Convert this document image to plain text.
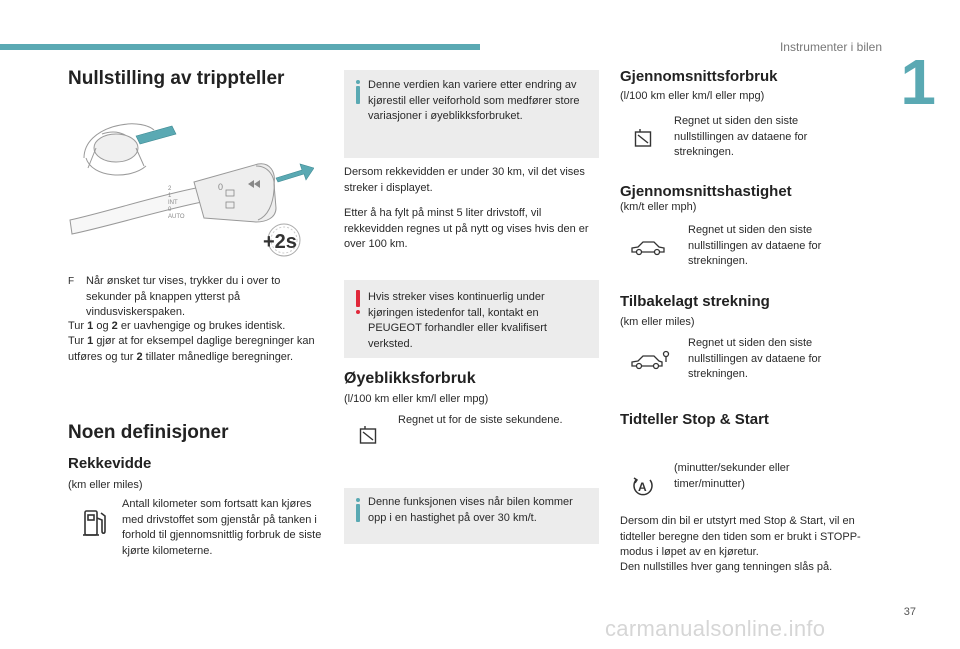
Instrumenter i bilen 1
Nullstilling av trippteller
2
1
INT
0
AUTO
0
+2s

F Når ønsket tur vises, trykker du i over to sekunder på knappen ytterst på vindusviskerspaken.

Tur 1 og 2 er uavhengige og brukes identisk.

Tur 1 gjør at for eksempel daglige beregninger kan utføres og tur 2 tillater månedlige beregninger.

Noen definisjoner
Rekkevidde

(km eller miles)

Antall kilometer som fortsatt kan kjøres med drivstoffet som gjenstår på tanken i forhold til gjennomsnittlig forbruk de siste kjørte kilometerne.

Denne verdien kan variere etter endring av kjørestil eller veiforhold som medfører store variasjoner i øyeblikksforbruket.

Dersom rekkevidden er under 30 km, vil det vises streker i displayet.

Etter å ha fylt på minst 5 liter drivstoff, vil rekkevidden regnes ut på nytt og vises hvis den er over 100 km.

Hvis streker vises kontinuerlig under kjøringen istedenfor tall, kontakt en PEUGEOT forhandler eller kvalifisert verksted.
Øyeblikksforbruk

(l/100 km eller km/l eller mpg)

Regnet ut for de siste sekundene.

Denne funksjonen vises når bilen kommer opp i en hastighet på over 30 km/t.
Gjennomsnittsforbruk

(l/100 km eller km/l eller mpg)

Regnet ut siden den siste nullstillingen av dataene for strekningen.

Gjennomsnittshastighet

(km/t eller mph)

Regnet ut siden den siste nullstillingen av dataene for strekningen.

Tilbakelagt strekning

(km eller miles)

Regnet ut siden den siste nullstillingen av dataene for strekningen.

Tidteller Stop & Start
A

(minutter/sekunder eller timer/minutter)

Dersom din bil er utstyrt med Stop & Start, vil en tidteller beregne den tiden som er brukt i STOPP-modus i løpet av en kjøretur.

Den nullstilles hver gang tenningen slås på.

37
carmanualsonline.info
